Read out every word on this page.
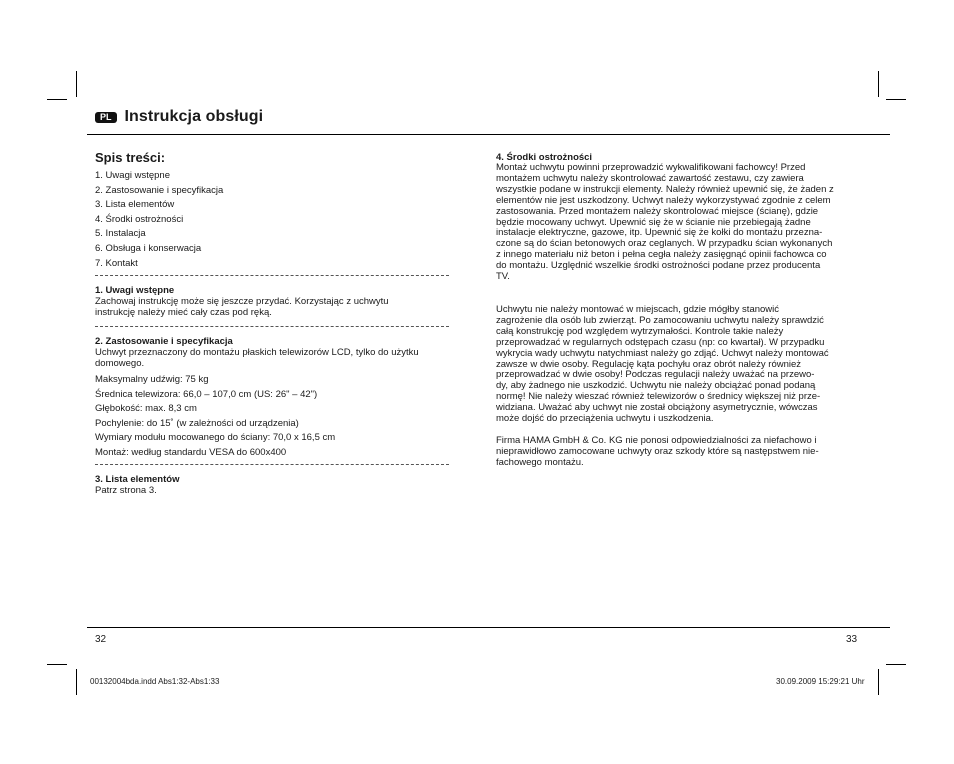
PL Instrukcja obsługi
Spis treści:
1. Uwagi wstępne
2. Zastosowanie i specyfikacja
3. Lista elementów
4. Środki ostrożności
5. Instalacja
6. Obsługa i konserwacja
7. Kontakt
1. Uwagi wstępne

Zachowaj instrukcję może się jeszcze przydać. Korzystając z uchwytu

instrukcję należy mieć cały czas pod ręką.

2. Zastosowanie i specyfikacja

Uchwyt przeznaczony do montażu płaskich telewizorów LCD, tylko do użytku

domowego.

Maksymalny udźwig: 75 kg
Średnica telewizora: 66,0 – 107,0 cm (US: 26" – 42")
Głębokość: max. 8,3 cm
Pochylenie: do 15˚ (w zależności od urządzenia)
Wymiary modułu mocowanego do ściany: 70,0 x 16,5 cm
Montaż: według standardu VESA do 600x400
3. Lista elementów

Patrz strona 3.

4. Środki ostrożności

Montaż uchwytu powinni przeprowadzić wykwalifikowani fachowcy! Przed

montażem uchwytu należy skontrolować zawartość zestawu, czy zawiera

wszystkie podane w instrukcji elementy. Należy również upewnić się, że żaden z

elementów nie jest uszkodzony. Uchwyt należy wykorzystywać zgodnie z celem

zastosowania. Przed montażem należy skontrolować miejsce (ścianę), gdzie

będzie mocowany uchwyt. Upewnić się że w ścianie nie przebiegają żadne

instalacje elektryczne, gazowe, itp. Upewnić się że kołki do montażu przezna-

czone są do ścian betonowych oraz ceglanych. W przypadku ścian wykonanych

z innego materiału niż beton i pełna cegła należy zasięgnąć opinii fachowca co

do montażu. Uzględnić wszelkie środki ostrożności podane przez producenta

TV.

Uchwytu nie należy montować w miejscach, gdzie mógłby stanowić

zagrożenie dla osób lub zwierząt. Po zamocowaniu uchwytu należy sprawdzić

całą konstrukcję pod względem wytrzymałości. Kontrole takie należy

przeprowadzać w regularnych odstępach czasu (np: co kwartał). W przypadku

wykrycia wady uchwytu natychmiast należy go zdjąć. Uchwyt należy montować

zawsze w dwie osoby. Regulację kąta pochyłu oraz obrót należy również

przeprowadzać w dwie osoby! Podczas regulacji należy uważać na przewo-

dy, aby żadnego nie uszkodzić. Uchwytu nie należy obciążać ponad podaną

normę! Nie należy wieszać również telewizorów o średnicy większej niż prze-

widziana. Uważać aby uchwyt nie został obciążony asymetrycznie, wówczas

może dojść do przeciążenia uchwytu i uszkodzenia.

Firma HAMA GmbH & Co. KG nie ponosi odpowiedzialności za niefachowo i

nieprawidłowo zamocowane uchwyty oraz szkody które są następstwem nie-

fachowego montażu.

32	33
00132004bda.indd Abs1:32-Abs1:33	30.09.2009 15:29:21 Uhr
